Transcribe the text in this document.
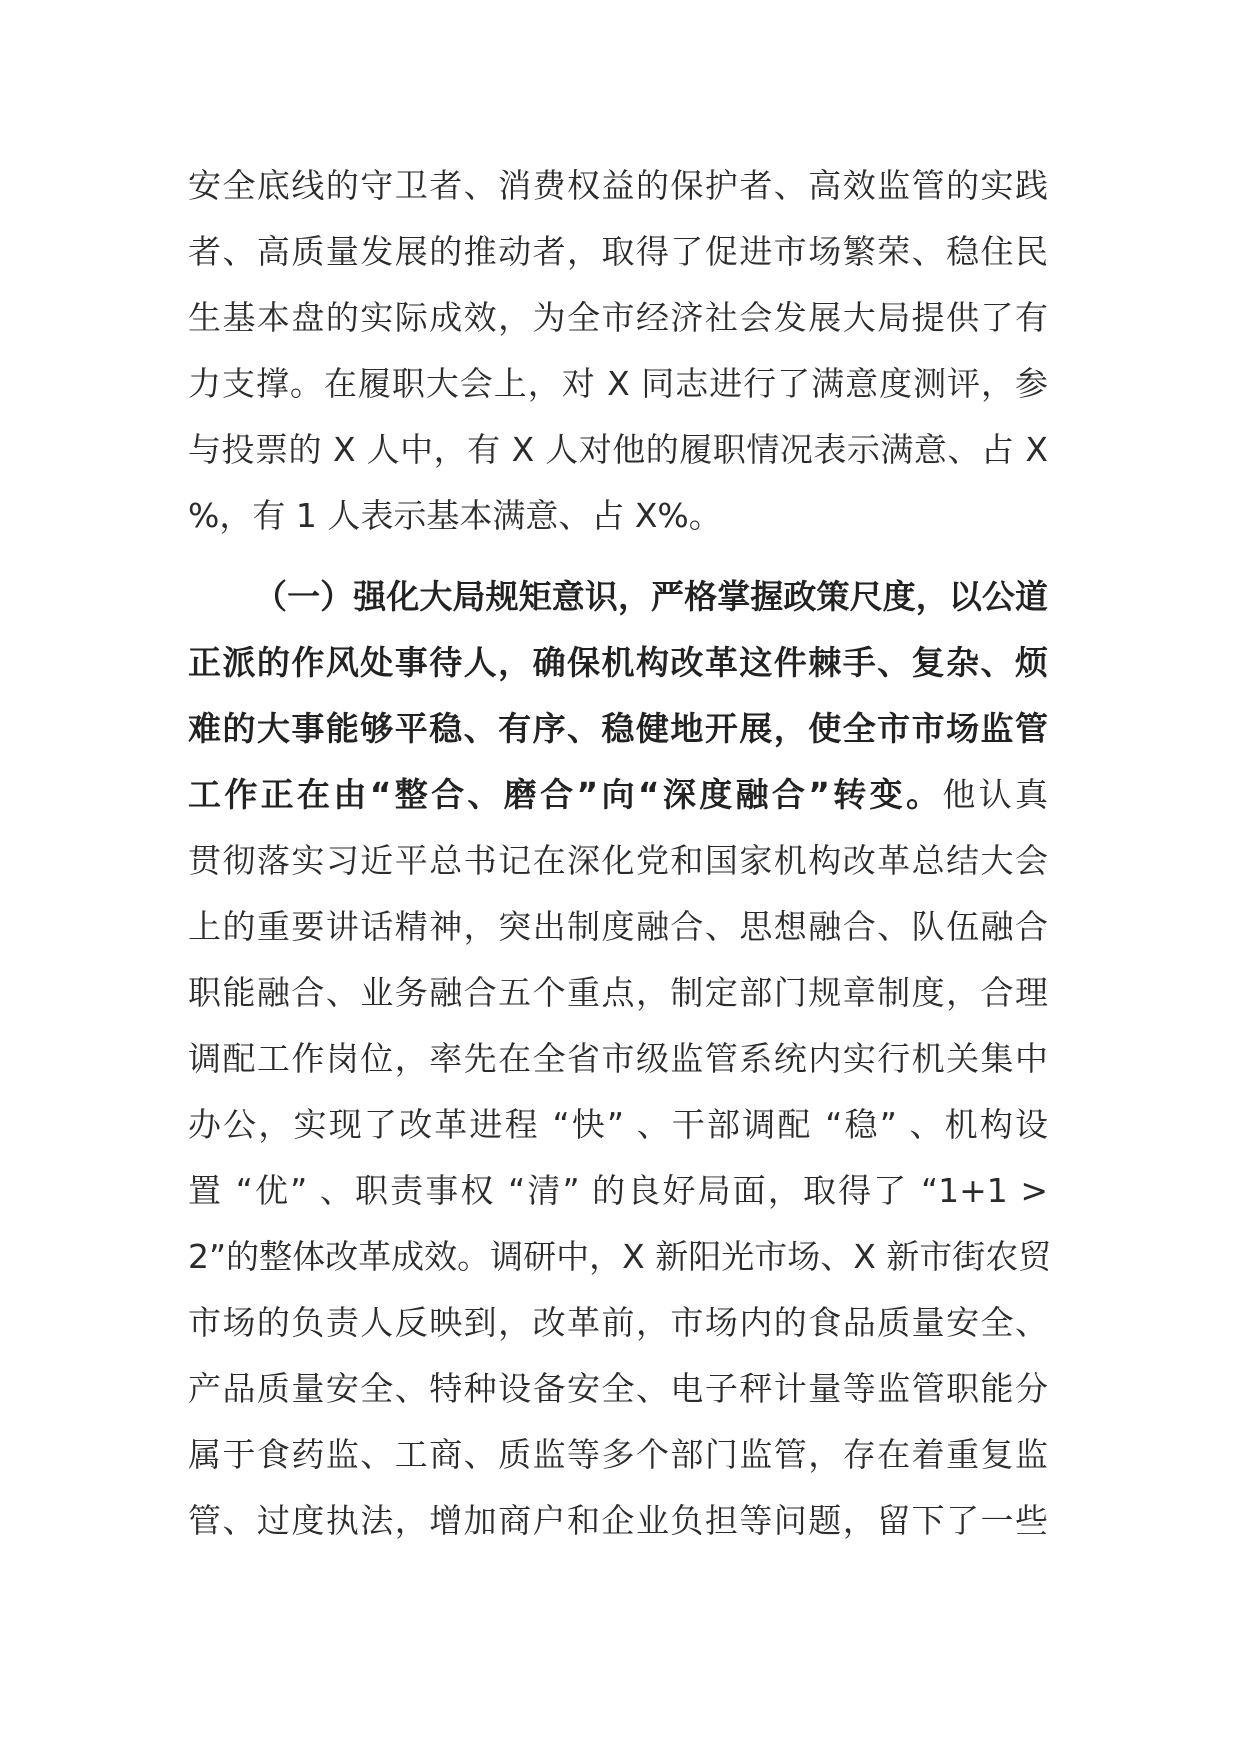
安全底线的守卫者、消费权益的保护者、高效监管的实践
者、高质量发展的推动者，取得了促进市场繁荣、稳住民
生基本盘的实际成效，为全市经济社会发展大局提供了有
力支撑。在履职大会上，对 X 同志进行了满意度测评，参
与投票的 X 人中，有 X 人对他的履职情况表示满意、占 X
%，有 1 人表示基本满意、占 X%。
（一）强化大局规矩意识，严格掌握政策尺度，以公道
正派的作风处事待人，确保机构改革这件棘手、复杂、烦
难的大事能够平稳、有序、稳健地开展，使全市市场监管
工作正在由“整合、磨合”向“深度融合”转变。他认真
贯彻落实习近平总书记在深化党和国家机构改革总结大会
上的重要讲话精神，突出制度融合、思想融合、队伍融合
职能融合、业务融合五个重点，制定部门规章制度，合理
调配工作岗位，率先在全省市级监管系统内实行机关集中
办公，实现了改革进程 “快” 、干部调配 “稳” 、机构设
置 “优” 、职责事权 “清” 的良好局面，取得了 “1+1 >
2”的整体改革成效。调研中，X 新阳光市场、X 新市街农贸
市场的负责人反映到，改革前，市场内的食品质量安全、
产品质量安全、特种设备安全、电子秤计量等监管职能分
属于食药监、工商、质监等多个部门监管，存在着重复监
管、过度执法，增加商户和企业负担等问题，留下了一些
